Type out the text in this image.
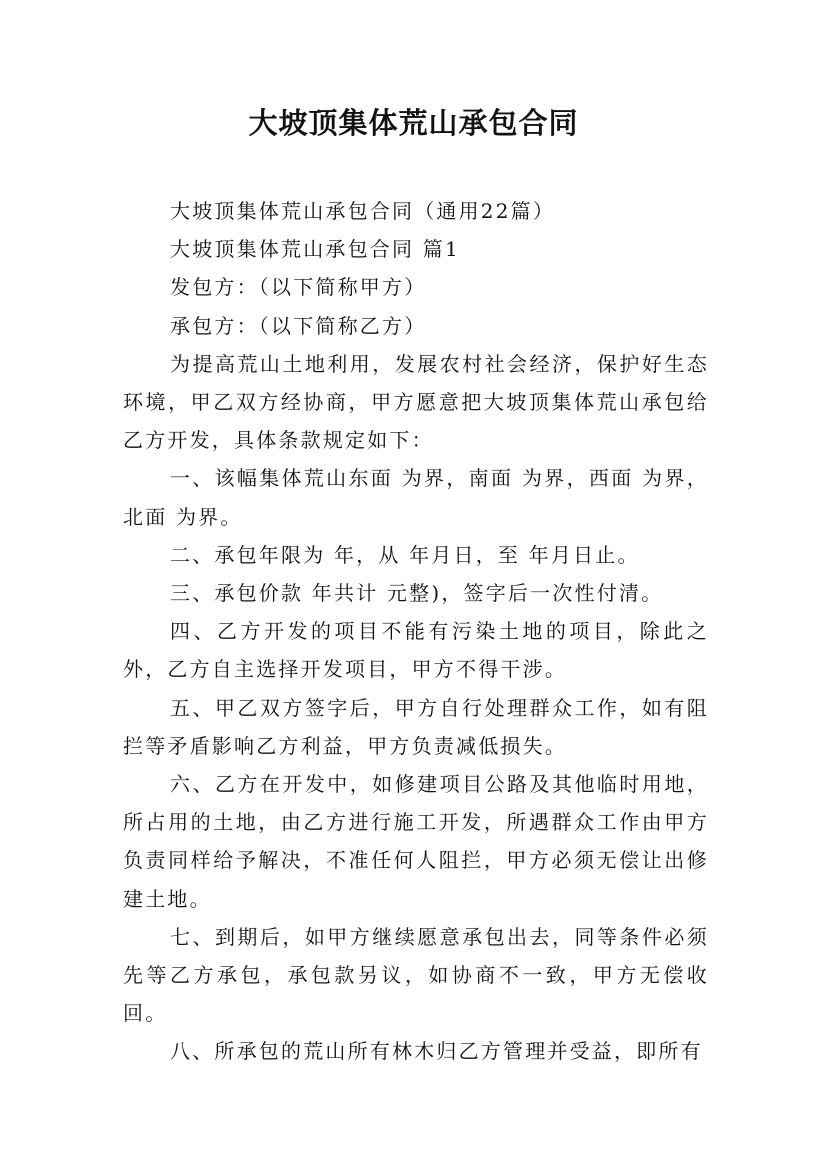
大坡顶集体荒山承包合同

大坡顶集体荒山承包合同（通用22篇）

大坡顶集体荒山承包合同 篇1

发包方：（以下简称甲方）

承包方：（以下简称乙方）

为提高荒山土地利用，发展农村社会经济，保护好生态环境，甲乙双方经协商，甲方愿意把大坡顶集体荒山承包给乙方开发，具体条款规定如下：

一、该幅集体荒山东面 为界，南面 为界，西面 为界，北面 为界。

二、承包年限为 年，从 年月日，至 年月日止。

三、承包价款 年共计 元整)，签字后一次性付清。

四、乙方开发的项目不能有污染土地的项目，除此之外，乙方自主选择开发项目，甲方不得干涉。

五、甲乙双方签字后，甲方自行处理群众工作，如有阻拦等矛盾影响乙方利益，甲方负责减低损失。

六、乙方在开发中，如修建项目公路及其他临时用地，所占用的土地，由乙方进行施工开发，所遇群众工作由甲方负责同样给予解决，不准任何人阻拦，甲方必须无偿让出修建土地。

七、到期后，如甲方继续愿意承包出去，同等条件必须先等乙方承包，承包款另议，如协商不一致，甲方无偿收回。

八、所承包的荒山所有林木归乙方管理并受益，即所有
